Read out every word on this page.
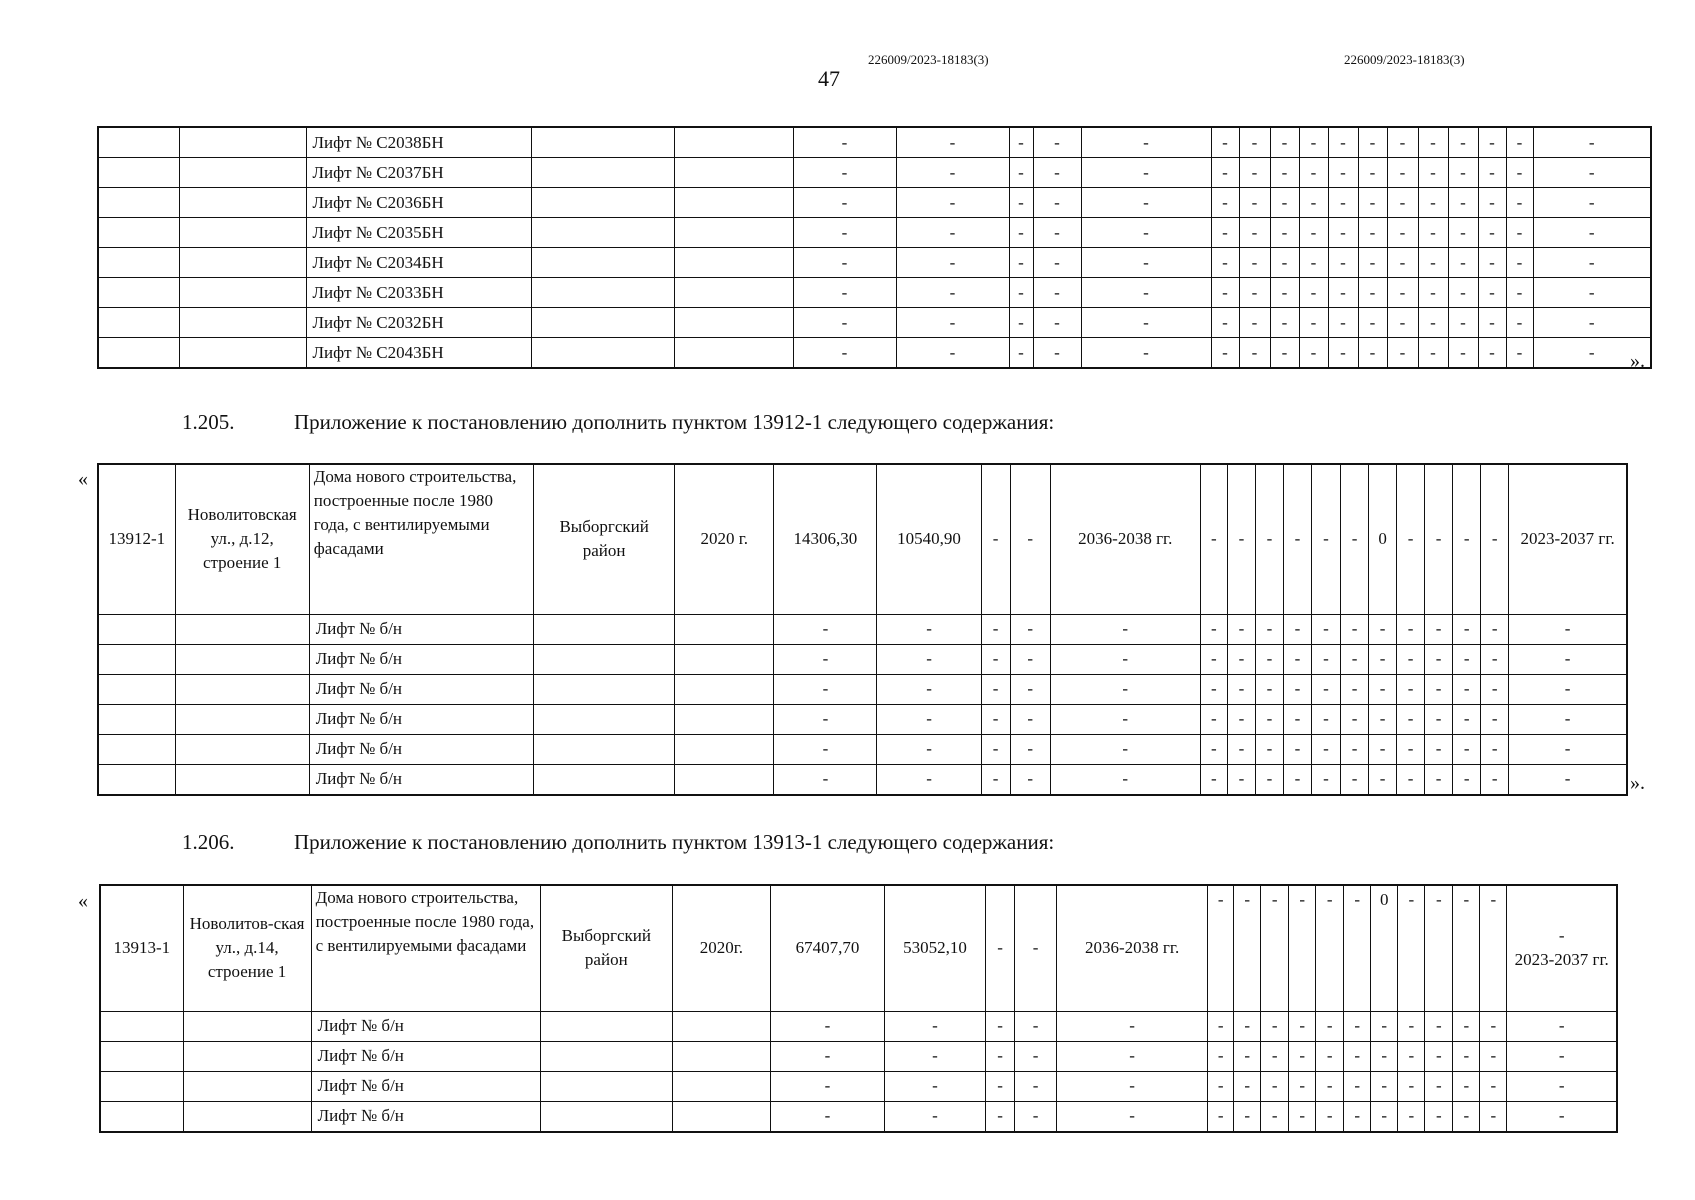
226009/2023-18183(3)	226009/2023-18183(3)
47
		Лифт № С2038БН			-	-	-	-	-	-	-	-	-	-	-	-	-	-	-	-	-
		Лифт № С2037БН			-	-	-	-	-	-	-	-	-	-	-	-	-	-	-	-	-
		Лифт № С2036БН			-	-	-	-	-	-	-	-	-	-	-	-	-	-	-	-	-
		Лифт № С2035БН			-	-	-	-	-	-	-	-	-	-	-	-	-	-	-	-	-
		Лифт № С2034БН			-	-	-	-	-	-	-	-	-	-	-	-	-	-	-	-	-
		Лифт № С2033БН			-	-	-	-	-	-	-	-	-	-	-	-	-	-	-	-	-
		Лифт № С2032БН			-	-	-	-	-	-	-	-	-	-	-	-	-	-	-	-	-
		Лифт № С2043БН			-	-	-	-	-	-	-	-	-	-	-	-	-	-	-	-	- ».
1.205.	Приложение к постановлению дополнить пунктом 13912-1 следующего содержания:
«
13912-1	Новолитовская ул., д.12, строение 1	Дома нового строительства, построенные после 1980 года, с вентилируемыми фасадами	Выборгский район	2020 г.	14306,30	10540,90	-	-	2036-2038 гг.	-	-	-	-	-	-	0	-	-	-	-	2023-2037 гг.
		Лифт № б/н			-	-	-	-	-	-	-	-	-	-	-	-	-	-	-	-	-
		Лифт № б/н			-	-	-	-	-	-	-	-	-	-	-	-	-	-	-	-	-
		Лифт № б/н			-	-	-	-	-	-	-	-	-	-	-	-	-	-	-	-	-
		Лифт № б/н			-	-	-	-	-	-	-	-	-	-	-	-	-	-	-	-	-
		Лифт № б/н			-	-	-	-	-	-	-	-	-	-	-	-	-	-	-	-	-
		Лифт № б/н			-	-	-	-	-	-	-	-	-	-	-	-	-	-	-	-	-	».
1.206.	Приложение к постановлению дополнить пунктом 13913-1 следующего содержания:
«
13913-1	Новолитов-ская ул., д.14, строение 1	Дома нового строительства, построенные после 1980 года, с вентилируемыми фасадами	Выборгский район	2020г.	67407,70	53052,10	-	-	2036-2038 гг.	-	-	-	-	-	-	0	-	-	-	-	-
2023-2037 гг.
		Лифт № б/н			-	-	-	-	-	-	-	-	-	-	-	-	-	-	-	-	-
		Лифт № б/н			-	-	-	-	-	-	-	-	-	-	-	-	-	-	-	-	-
		Лифт № б/н			-	-	-	-	-	-	-	-	-	-	-	-	-	-	-	-	-
		Лифт № б/н			-	-	-	-	-	-	-	-	-	-	-	-	-	-	-	-	-
